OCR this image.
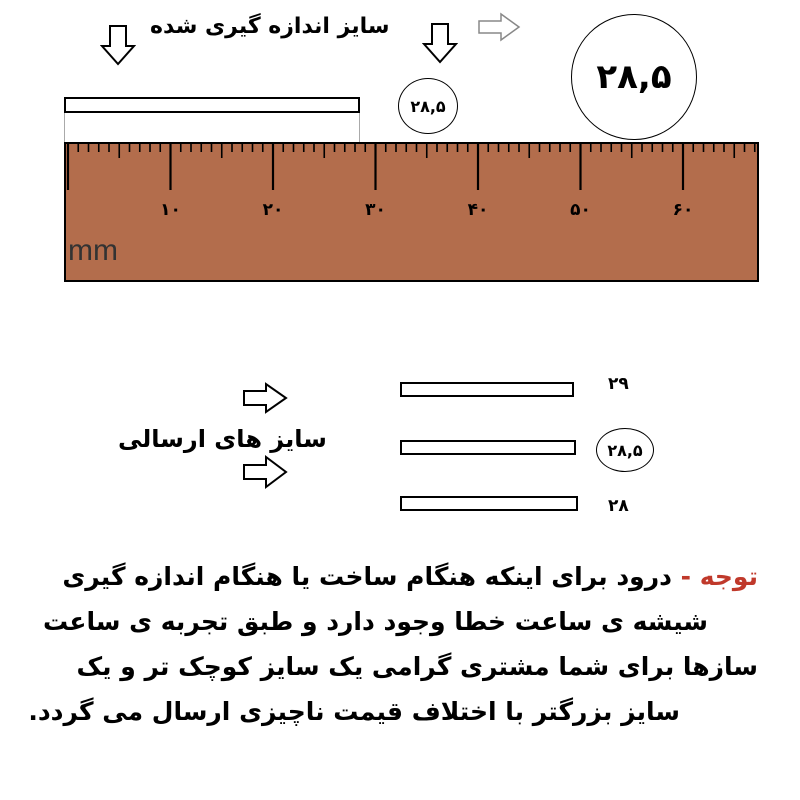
سایز اندازه گیری شده
۲۸,۵
۲۸,۵
۱۰	۲۰	۳۰	۴۰	۵۰	۶۰
mm
سایز های ارسالی
۲۹
۲۸,۵
۲۸
توجه - درود برای اینکه هنگام ساخت یا هنگام اندازه گیری
شیشه ی ساعت خطا وجود دارد و طبق تجربه ی ساعت
سازها برای شما مشتری گرامی یک سایز کوچک تر و یک
سایز بزرگتر با اختلاف قیمت ناچیزی ارسال می گردد.
